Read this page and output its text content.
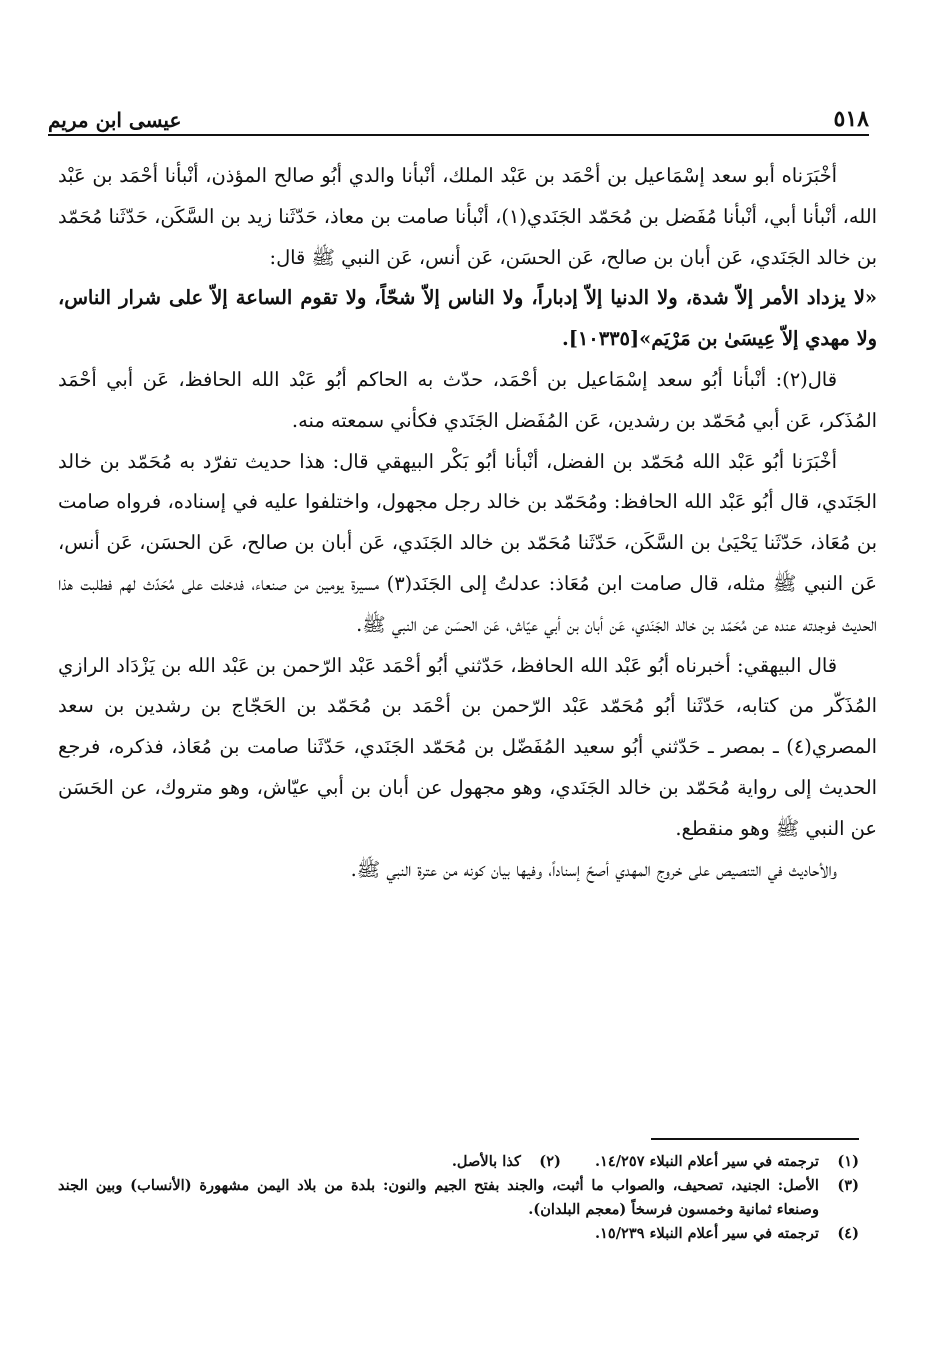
عيسى ابن مريم	٥١٨

أخْبَرَناه أبو سعد إسْمَاعيل بن أحْمَد بن عَبْد الملك، أنْبأنا والدي أبُو صالح المؤذن، أنْبأنا أحْمَد بن عَبْد الله، أنْبأنا أبي، أنْبأنا مُفَضل بن مُحَمّد الجَنَدي(١)، أنْبأنا صامت بن معاذ، حَدّثَنا زيد بن السَّكَن، حَدّثَنا مُحَمّد بن خالد الجَنَدي، عَن أبان بن صالح، عَن الحسَن، عَن أنس، عَن النبي ﷺ قال:

«لا يزداد الأمر إلاّ شدة، ولا الدنيا إلاّ إدباراً، ولا الناس إلاّ شحّاً، ولا تقوم الساعة إلاّ على شرار الناس، ولا مهدي إلاّ عِيسَىٰ بن مَرْيَم»[١٠٣٣٥].

قال(٢): أنْبأنا أبُو سعد إسْمَاعيل بن أحْمَد، حدّث به الحاكم أبُو عَبْد الله الحافظ، عَن أبي أحْمَد المُذَكر، عَن أبي مُحَمّد بن رشدين، عَن المُفَضل الجَنَدي فكأني سمعته منه.

أخْبَرَنا أبُو عَبْد الله مُحَمّد بن الفضل، أنْبأنا أبُو بَكْر البيهقي قال: هذا حديث تفرّد به مُحَمّد بن خالد الجَنَدي، قال أبُو عَبْد الله الحافظ: ومُحَمّد بن خالد رجل مجهول، واختلفوا عليه في إسناده، فرواه صامت بن مُعَاذ، حَدّثَنا يَحْيَىٰ بن السَّكَن، حَدّثَنا مُحَمّد بن خالد الجَنَدي، عَن أبان بن صالح، عَن الحسَن، عَن أنس، عَن النبي ﷺ مثله، قال صامت ابن مُعَاذ: عدلتُ إلى الجَنَد(٣) مسيرة يومين من صنعاء، فدخلت على مُحَدّث لهم فطلبت هذا الحديث فوجدته عنده عن مُحَمّد بن خالد الجَنَدي، عَن أبان بن أبي عيّاش، عَن الحسَن عن النبي ﷺ.

قال البيهقي: أخبرناه أبُو عَبْد الله الحافظ، حَدّثني أبُو أحْمَد عَبْد الرّحمن بن عَبْد الله بن يَزْدَاد الرازي المُذَكّر من كتابه، حَدّثَنا أبُو مُحَمّد عَبْد الرّحمن بن أحْمَد بن مُحَمّد بن الحَجّاج بن رشدين بن سعد المصري(٤) ـ بمصر ـ حَدّثني أبُو سعيد المُفَضّل بن مُحَمّد الجَنَدي، حَدّثَنا صامت بن مُعَاذ، فذكره، فرجع الحديث إلى رواية مُحَمّد بن خالد الجَنَدي، وهو مجهول عن أبان بن أبي عيّاش، وهو متروك، عن الحَسَن عن النبي ﷺ وهو منقطع.

والأحاديث في التنصيص على خروج المهدي أصحّ إسناداً، وفيها بيان كونه من عترة النبي ﷺ.

(١)
ترجمته في سير أعلام النبلاء ١٤/٢٥٧.
(٢)
كذا بالأصل.
(٣)
الأصل: الجنيد، تصحيف، والصواب ما أثبت، والجند بفتح الجيم والنون: بلدة من بلاد اليمن مشهورة (الأنساب) وبين الجند وصنعاء ثمانية وخمسون فرسخاً (معجم البلدان).
(٤)
ترجمته في سير أعلام النبلاء ١٥/٢٣٩.
